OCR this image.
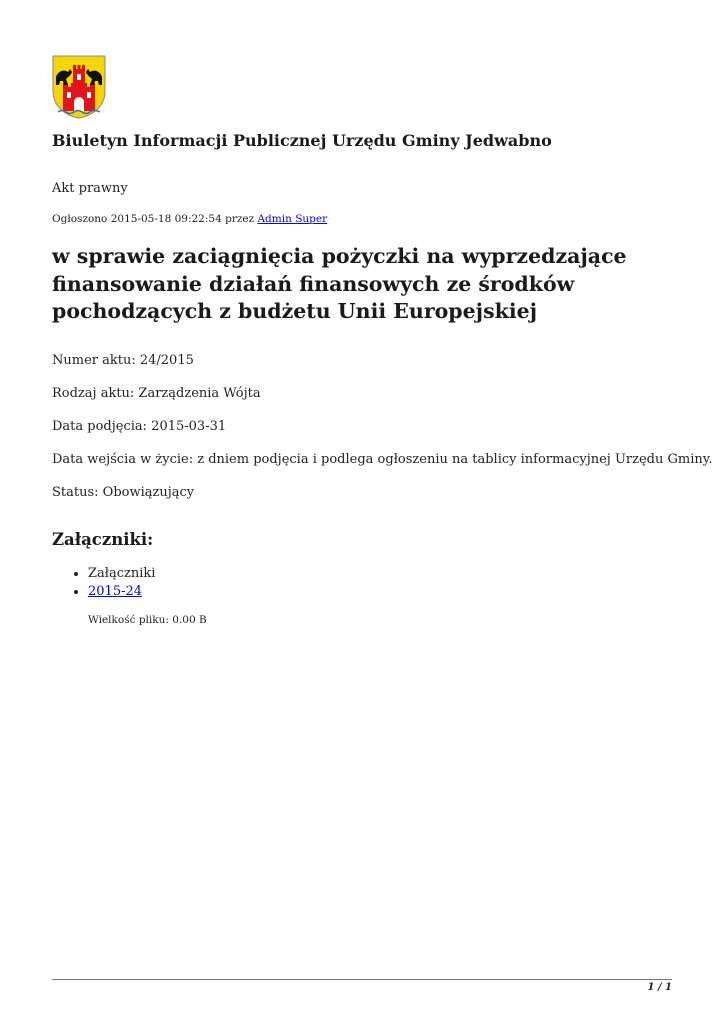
Biuletyn Informacji Publicznej Urzędu Gminy Jedwabno
Akt prawny
Ogłoszono 2015-05-18 09:22:54 przez Admin Super
w sprawie zaciągnięcia pożyczki na wyprzedzające finansowanie działań finansowych ze środków pochodzących z budżetu Unii Europejskiej
Numer aktu: 24/2015
Rodzaj aktu: Zarządzenia Wójta
Data podjęcia: 2015-03-31
Data wejścia w życie: z dniem podjęcia i podlega ogłoszeniu na tablicy informacyjnej Urzędu Gminy.
Status: Obowiązujący
Załączniki:
• Załączniki
• 2015-24
Wielkość pliku: 0.00 B
1 / 1
